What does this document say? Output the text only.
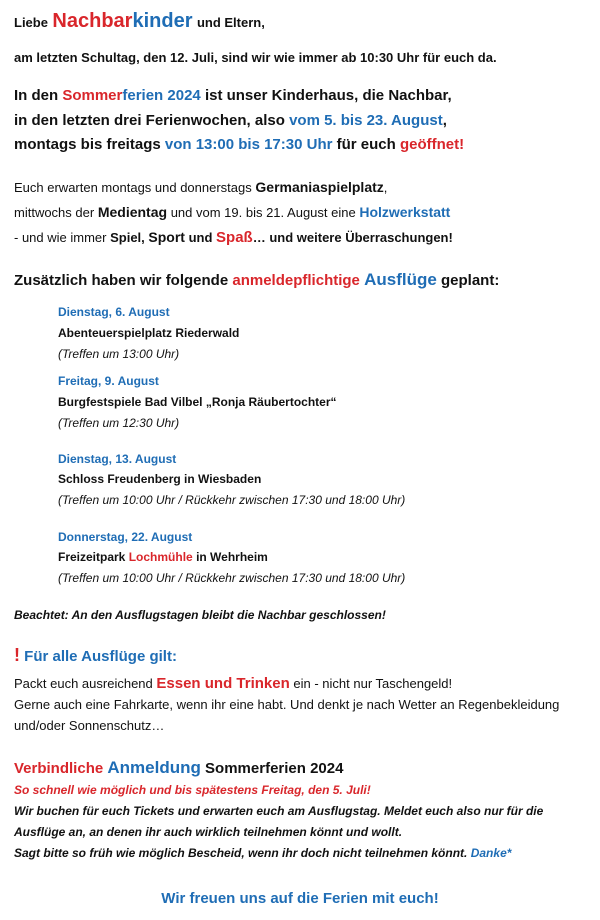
Liebe Nachbarkinder und Eltern,
am letzten Schultag, den 12. Juli, sind wir wie immer ab 10:30 Uhr für euch da.
In den Sommerferien 2024 ist unser Kinderhaus, die Nachbar,
in den letzten drei Ferienwochen, also vom 5. bis 23. August,
montags bis freitags von 13:00 bis 17:30 Uhr für euch geöffnet!
Euch erwarten montags und donnerstags Germaniaspielplatz,
mittwochs der Medientag und vom 19. bis 21. August eine Holzwerkstatt
- und wie immer Spiel, Sport und Spaß… und weitere Überraschungen!
Zusätzlich haben wir folgende anmeldepflichtige Ausflüge geplant:
Dienstag, 6. August
Abenteuerspielplatz Riederwald
(Treffen um 13:00 Uhr)
Freitag, 9. August
Burgfestspiele Bad Vilbel „Ronja Räubertochter“
(Treffen um 12:30 Uhr)
Dienstag, 13. August
Schloss Freudenberg in Wiesbaden
(Treffen um 10:00 Uhr / Rückkehr zwischen 17:30 und 18:00 Uhr)
Donnerstag, 22. August
Freizeitpark Lochmühle in Wehrheim
(Treffen um 10:00 Uhr / Rückkehr zwischen 17:30 und 18:00 Uhr)
Beachtet: An den Ausflugstagen bleibt die Nachbar geschlossen!
! Für alle Ausflüge gilt:
Packt euch ausreichend Essen und Trinken ein - nicht nur Taschengeld!
Gerne auch eine Fahrkarte, wenn ihr eine habt. Und denkt je nach Wetter an Regenbekleidung
und/oder Sonnenschutz…
Verbindliche Anmeldung Sommerferien 2024
So schnell wie möglich und bis spätestens Freitag, den 5. Juli!
Wir buchen für euch Tickets und erwarten euch am Ausflugstag. Meldet euch also nur für die
Ausflüge an, an denen ihr auch wirklich teilnehmen könnt und wollt.
Sagt bitte so früh wie möglich Bescheid, wenn ihr doch nicht teilnehmen könnt. Danke*
Wir freuen uns auf die Ferien mit euch!
